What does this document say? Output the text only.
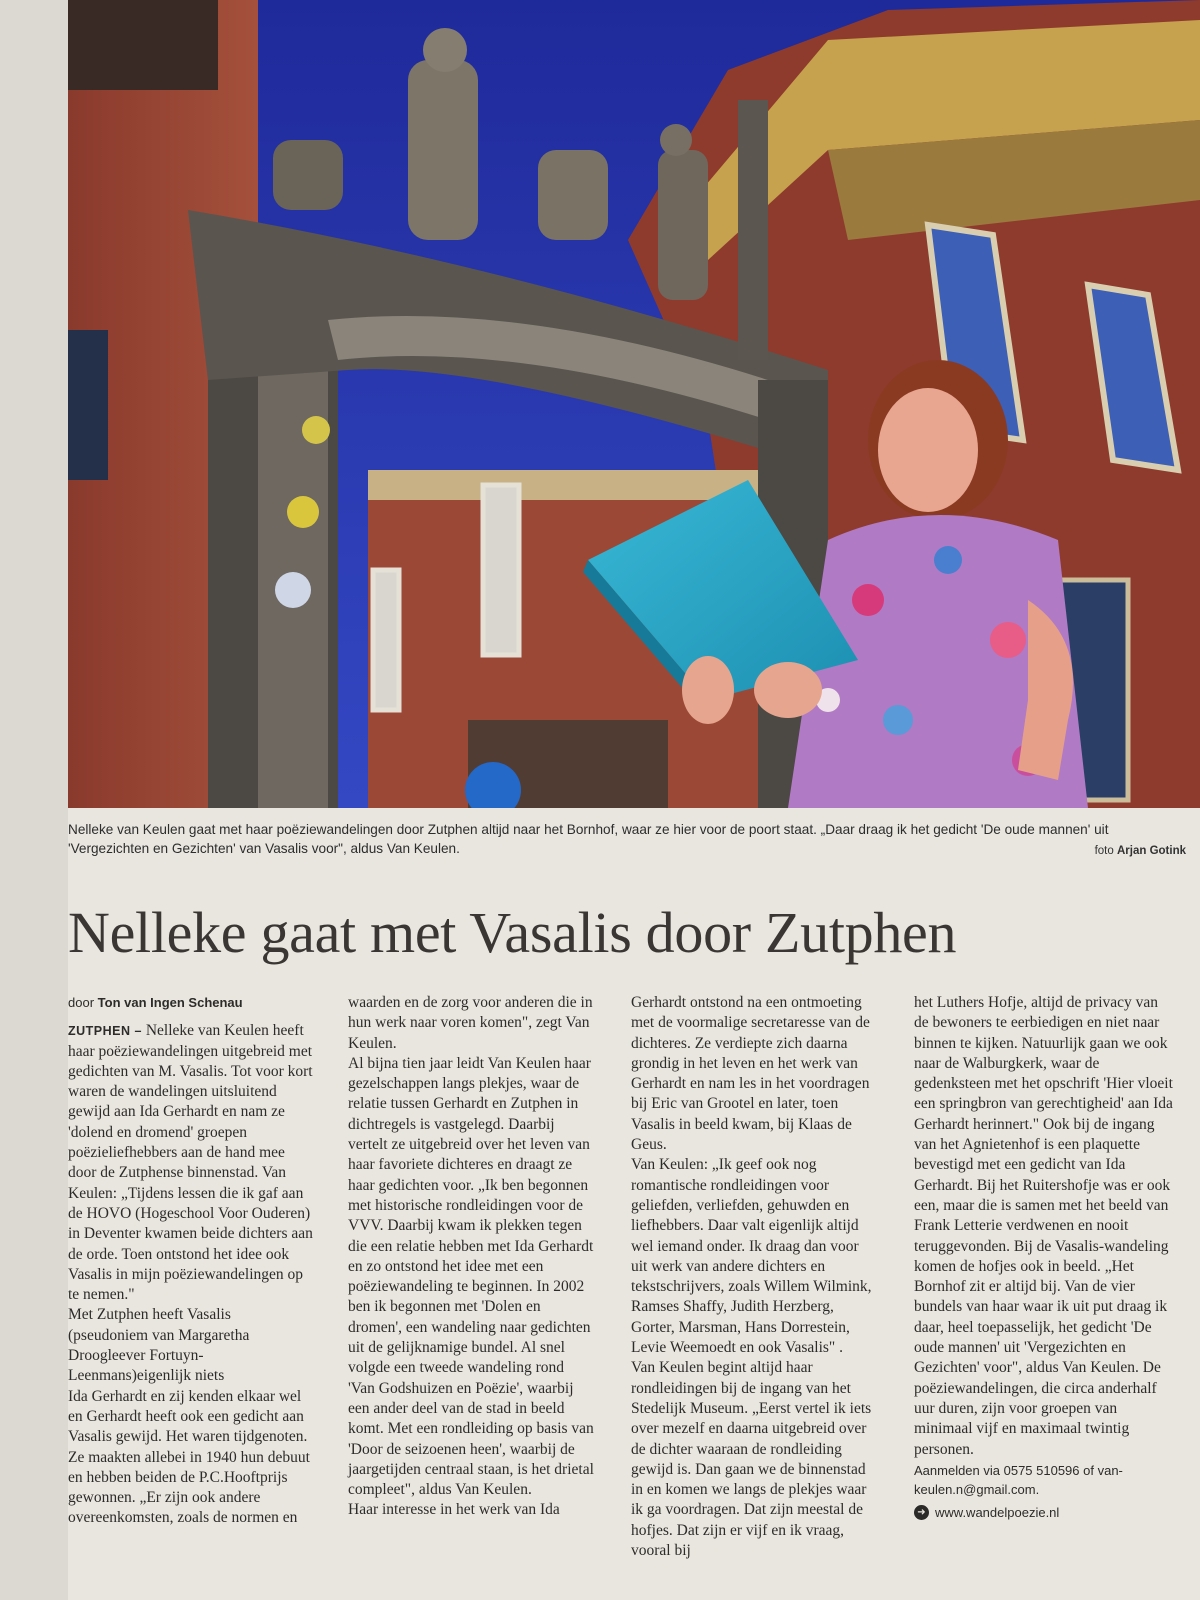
Nelleke van Keulen gaat met haar poëziewandelingen door Zutphen altijd naar het Bornhof, waar ze hier voor de poort staat. „Daar draag ik het gedicht 'De oude mannen' uit 'Vergezichten en Gezichten' van Vasalis voor", aldus Van Keulen.	foto Arjan Gotink
Nelleke gaat met Vasalis door Zutphen
door Ton van Ingen Schenau

ZUTPHEN – Nelleke van Keulen heeft haar poëziewandelingen uitgebreid met gedichten van M. Vasalis. Tot voor kort waren de wandelingen uitsluitend gewijd aan Ida Gerhardt en nam ze 'dolend en dromend' groepen poëzieliefhebbers aan de hand mee door de Zutphense binnenstad. Van Keulen: „Tijdens lessen die ik gaf aan de HOVO (Hogeschool Voor Ouderen) in Deventer kwamen beide dichters aan de orde. Toen ontstond het idee ook Vasalis in mijn poëziewandelingen op te nemen."

Met Zutphen heeft Vasalis (pseudoniem van Margaretha Droogleever Fortuyn-Leenmans)eigenlijk niets

Ida Gerhardt en zij kenden elkaar wel en Gerhardt heeft ook een gedicht aan Vasalis gewijd. Het waren tijdgenoten. Ze maakten allebei in 1940 hun debuut en hebben beiden de P.C.Hooftprijs gewonnen. „Er zijn ook andere overeenkomsten, zoals de normen en

waarden en de zorg voor anderen die in hun werk naar voren komen", zegt Van Keulen.

Al bijna tien jaar leidt Van Keulen haar gezelschappen langs plekjes, waar de relatie tussen Gerhardt en Zutphen in dichtregels is vastgelegd. Daarbij vertelt ze uitgebreid over het leven van haar favoriete dichteres en draagt ze haar gedichten voor. „Ik ben begonnen met historische rondleidingen voor de VVV. Daarbij kwam ik plekken tegen die een relatie hebben met Ida Gerhardt en zo ontstond het idee met een poëziewandeling te beginnen. In 2002 ben ik begonnen met 'Dolen en dromen', een wandeling naar gedichten uit de gelijknamige bundel. Al snel volgde een tweede wandeling rond 'Van Godshuizen en Poëzie', waarbij een ander deel van de stad in beeld komt. Met een rondleiding op basis van 'Door de seizoenen heen', waarbij de jaargetijden centraal staan, is het drietal compleet", aldus Van Keulen.

Haar interesse in het werk van Ida

Gerhardt ontstond na een ontmoeting met de voormalige secretaresse van de dichteres. Ze verdiepte zich daarna grondig in het leven en het werk van Gerhardt en nam les in het voordragen bij Eric van Grootel en later, toen Vasalis in beeld kwam, bij Klaas de Geus.

Van Keulen: „Ik geef ook nog romantische rondleidingen voor geliefden, verliefden, gehuwden en liefhebbers. Daar valt eigenlijk altijd wel iemand onder. Ik draag dan voor uit werk van andere dichters en tekstschrijvers, zoals Willem Wilmink, Ramses Shaffy, Judith Herzberg, Gorter, Marsman, Hans Dorrestein, Levie Weemoedt en ook Vasalis" .

Van Keulen begint altijd haar rondleidingen bij de ingang van het Stedelijk Museum. „Eerst vertel ik iets over mezelf en daarna uitgebreid over de dichter waaraan de rondleiding gewijd is. Dan gaan we de binnenstad in en komen we langs de plekjes waar ik ga voordragen. Dat zijn meestal de hofjes. Dat zijn er vijf en ik vraag, vooral bij

het Luthers Hofje, altijd de privacy van de bewoners te eerbiedigen en niet naar binnen te kijken. Natuurlijk gaan we ook naar de Walburgkerk, waar de gedenksteen met het opschrift 'Hier vloeit een springbron van gerechtigheid' aan Ida Gerhardt herinnert." Ook bij de ingang van het Agnietenhof is een plaquette bevestigd met een gedicht van Ida Gerhardt. Bij het Ruitershofje was er ook een, maar die is samen met het beeld van Frank Letterie verdwenen en nooit teruggevonden. Bij de Vasalis-wandeling komen de hofjes ook in beeld. „Het Bornhof zit er altijd bij. Van de vier bundels van haar waar ik uit put draag ik daar, heel toepasselijk, het gedicht 'De oude mannen' uit 'Vergezichten en Gezichten' voor", aldus Van Keulen. De poëziewandelingen, die circa anderhalf uur duren, zijn voor groepen van minimaal vijf en maximaal twintig personen.

Aanmelden via 0575 510596 of van-keulen.n@gmail.com.
➜ www.wandelpoezie.nl
